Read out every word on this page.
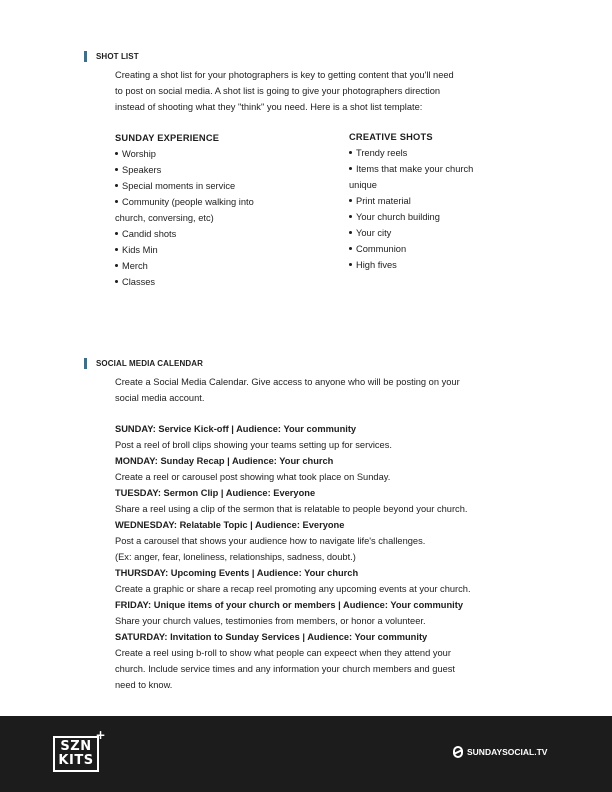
SHOT LIST
Creating a shot list for your photographers is key to getting content that you'll need
to post on social media. A shot list is going to give your photographers direction
instead of shooting what they "think" you need. Here is a shot list template:
SUNDAY EXPERIENCE
Worship
Speakers
Special moments in service
Community (people walking into
church, conversing, etc)
Candid shots
Kids Min
Merch
Classes
CREATIVE SHOTS
Trendy reels
Items that make your church
unique
Print material
Your church building
Your city
Communion
High fives
SOCIAL MEDIA CALENDAR
Create a Social Media Calendar. Give access to anyone who will be posting on your
social media account.
SUNDAY: Service Kick-off | Audience: Your community
Post a reel of broll clips showing your teams setting up for services.
MONDAY: Sunday Recap | Audience: Your church
Create a reel or carousel post showing what took place on Sunday.
TUESDAY: Sermon Clip | Audience: Everyone
Share a reel using a clip of the sermon that is relatable to people beyond your church.
WEDNESDAY: Relatable Topic | Audience: Everyone
Post a carousel that shows your audience how to navigate life's challenges.
(Ex: anger, fear, loneliness, relationships, sadness, doubt.)
THURSDAY: Upcoming Events | Audience: Your church
Create a graphic or share a recap reel promoting any upcoming events at your church.
FRIDAY: Unique items of your church or members | Audience: Your community
Share your church values, testimonies from members, or honor a volunteer.
SATURDAY: Invitation to Sunday Services | Audience: Your community
Create a reel using b-roll to show what people can expeect when they attend your
church. Include service times and any information your church members and guest
need to know.
SZN
KITS
+
SUNDAYSOCIAL.TV
